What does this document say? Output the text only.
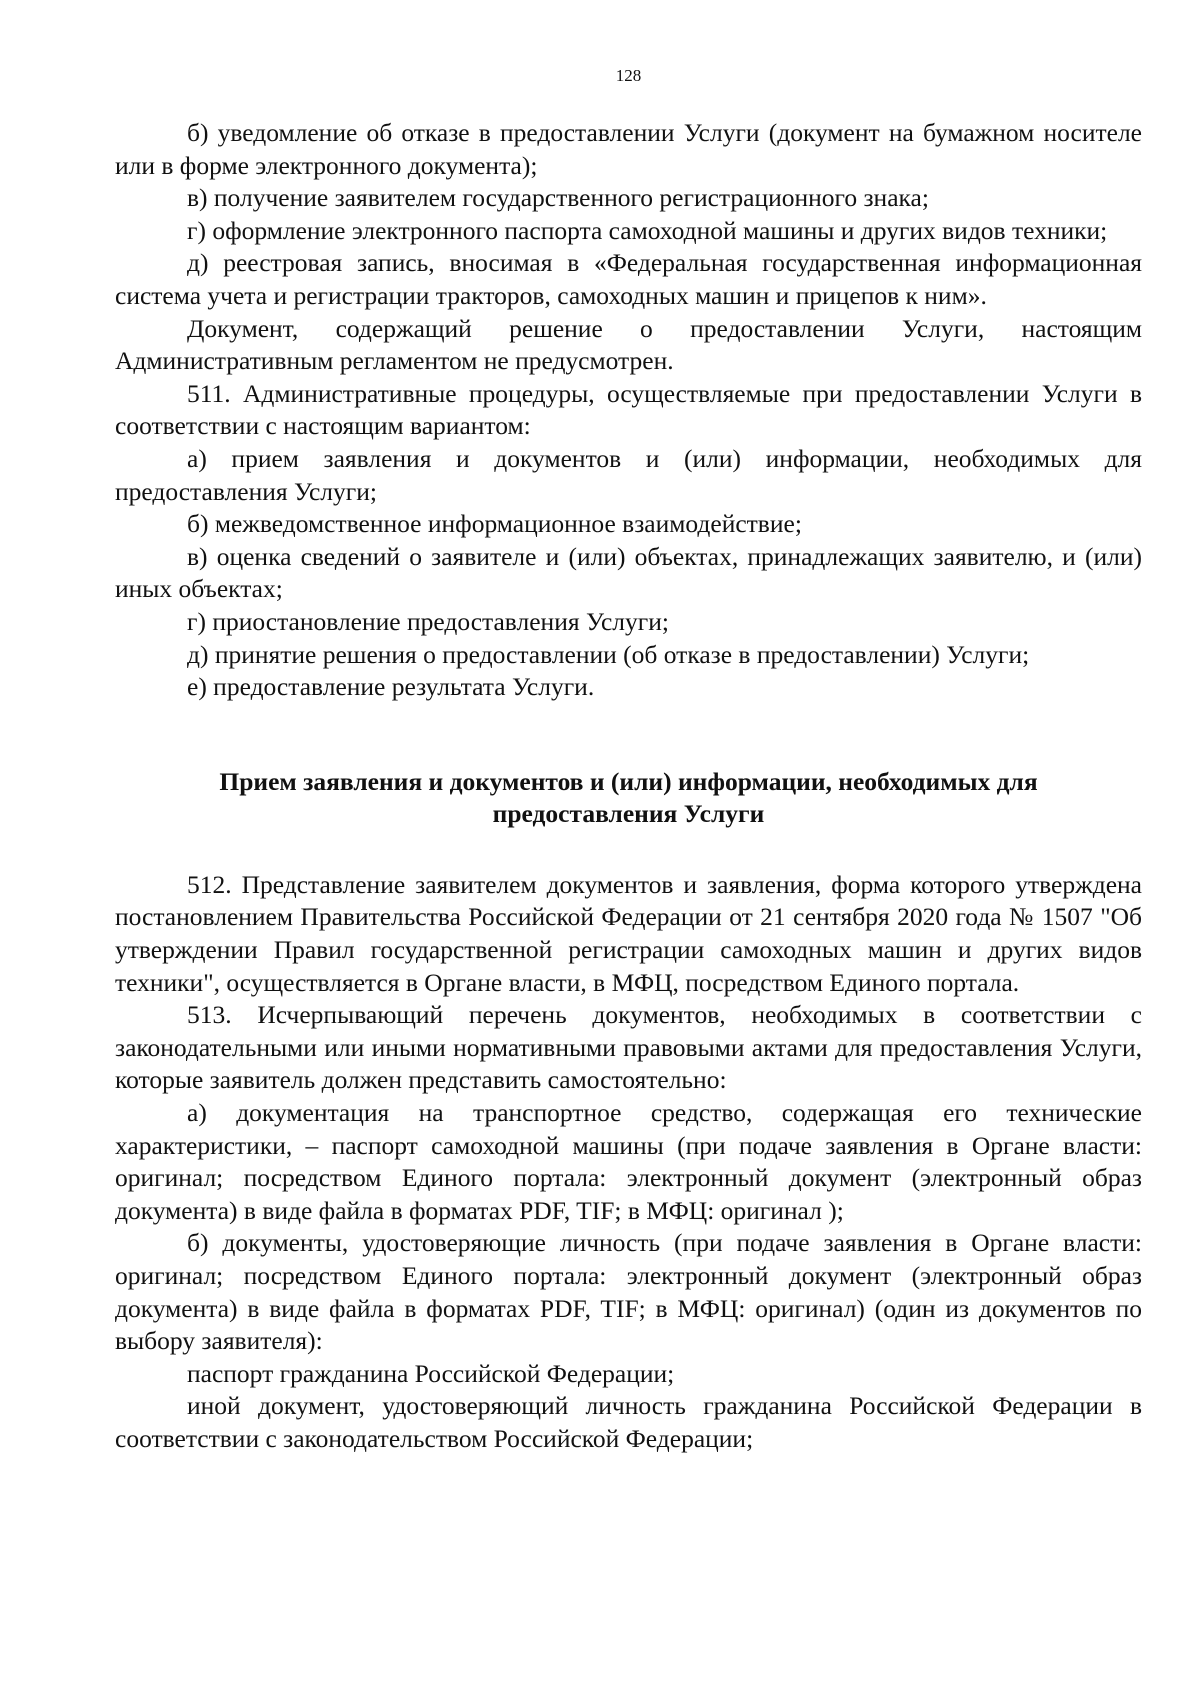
128

б) уведомление об отказе в предоставлении Услуги (документ на бумажном носителе или в форме электронного документа);

в) получение заявителем государственного регистрационного знака;

г) оформление электронного паспорта самоходной машины и других видов техники;

д) реестровая запись, вносимая в «Федеральная государственная информационная система учета и регистрации тракторов, самоходных машин и прицепов к ним».

Документ, содержащий решение о предоставлении Услуги, настоящим Административным регламентом не предусмотрен.

511. Административные процедуры, осуществляемые при предоставлении Услуги в соответствии с настоящим вариантом:

а) прием заявления и документов и (или) информации, необходимых для предоставления Услуги;

б) межведомственное информационное взаимодействие;

в) оценка сведений о заявителе и (или) объектах, принадлежащих заявителю, и (или) иных объектах;

г) приостановление предоставления Услуги;

д) принятие решения о предоставлении (об отказе в предоставлении) Услуги;

е) предоставление результата Услуги.

Прием заявления и документов и (или) информации, необходимых для
предоставления Услуги

512. Представление заявителем документов и заявления, форма которого утверждена постановлением Правительства Российской Федерации от 21 сентября 2020 года № 1507 "Об утверждении Правил государственной регистрации самоходных машин и других видов техники", осуществляется в Органе власти, в МФЦ, посредством Единого портала.

513. Исчерпывающий перечень документов, необходимых в соответствии с законодательными или иными нормативными правовыми актами для предоставления Услуги, которые заявитель должен представить самостоятельно:

а) документация на транспортное средство, содержащая его технические характеристики, – паспорт самоходной машины (при подаче заявления в Органе власти: оригинал; посредством Единого портала: электронный документ (электронный образ документа) в виде файла в форматах PDF, TIF; в МФЦ: оригинал );

б) документы, удостоверяющие личность (при подаче заявления в Органе власти: оригинал; посредством Единого портала: электронный документ (электронный образ документа) в виде файла в форматах PDF, TIF; в МФЦ: оригинал) (один из документов по выбору заявителя):

паспорт гражданина Российской Федерации;

иной документ, удостоверяющий личность гражданина Российской Федерации в соответствии с законодательством Российской Федерации;
